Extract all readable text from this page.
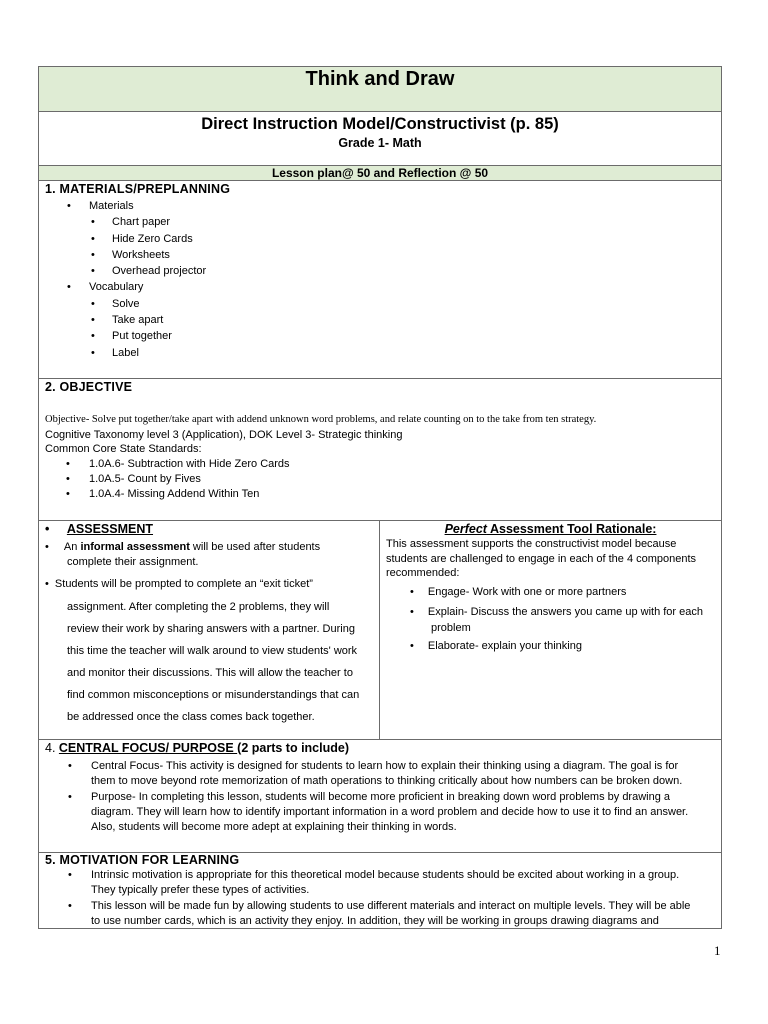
Think and Draw
Direct Instruction Model/Constructivist (p. 85)
Grade 1- Math
Lesson plan@ 50 and Reflection @ 50
1. MATERIALS/PREPLANNING
• Materials
• Chart paper
• Hide Zero Cards
• Worksheets
• Overhead projector
• Vocabulary
• Solve
• Take apart
• Put together
• Label
2. OBJECTIVE
Objective- Solve put together/take apart with addend unknown word problems, and relate counting on to the take from ten strategy.
Cognitive Taxonomy level 3 (Application), DOK Level 3- Strategic thinking
Common Core State Standards:
• 1.0A.6- Subtraction with Hide Zero Cards
• 1.0A.5- Count by Fives
• 1.0A.4- Missing Addend Within Ten
• ASSESSMENT
• An informal assessment will be used after students
complete their assignment.
• Students will be prompted to complete an “exit ticket”
assignment. After completing the 2 problems, they will
review their work by sharing answers with a partner. During
this time the teacher will walk around to view students' work
and monitor their discussions. This will allow the teacher to
find common misconceptions or misunderstandings that can
be addressed once the class comes back together.
Perfect Assessment Tool Rationale:
This assessment supports the constructivist model because
students are challenged to engage in each of the 4 components
recommended:
• Engage- Work with one or more partners
• Explain- Discuss the answers you came up with for each
problem
• Elaborate- explain your thinking
4. CENTRAL FOCUS/ PURPOSE (2 parts to include)
• Central Focus- This activity is designed for students to learn how to explain their thinking using a diagram. The goal is for
them to move beyond rote memorization of math operations to thinking critically about how numbers can be broken down.
• Purpose- In completing this lesson, students will become more proficient in breaking down word problems by drawing a
diagram. They will learn how to identify important information in a word problem and decide how to use it to find an answer.
Also, students will become more adept at explaining their thinking in words.
5. MOTIVATION FOR LEARNING
• Intrinsic motivation is appropriate for this theoretical model because students should be excited about working in a group.
They typically prefer these types of activities.
• This lesson will be made fun by allowing students to use different materials and interact on multiple levels. They will be able
to use number cards, which is an activity they enjoy. In addition, they will be working in groups drawing diagrams and
1
